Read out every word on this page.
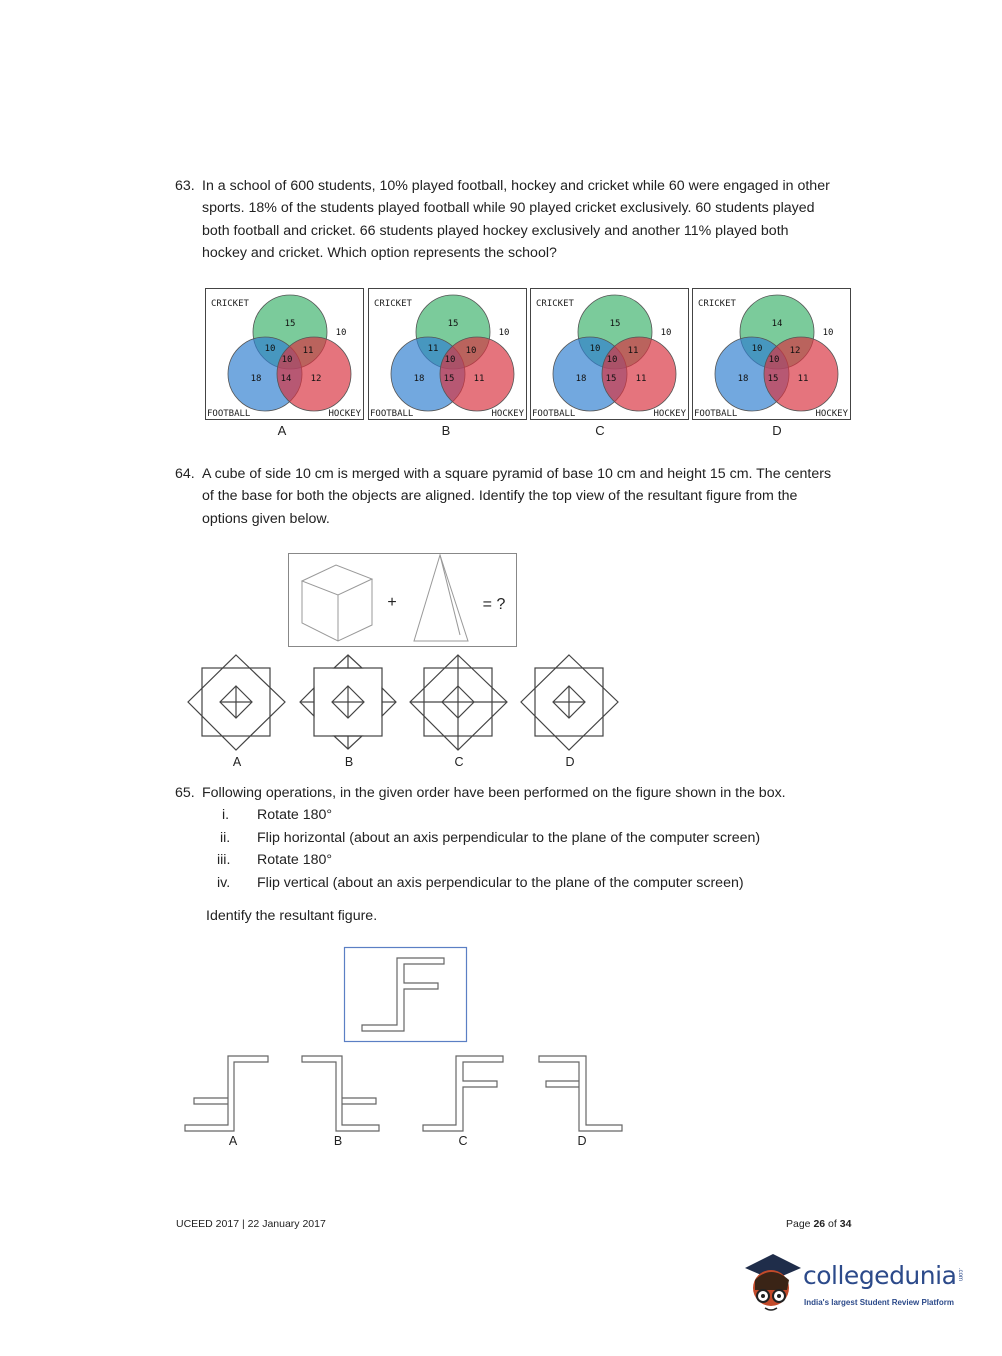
63. In a school of 600 students, 10% played football, hockey and cricket while 60 were engaged in other sports. 18% of the students played football while 90 played cricket exclusively. 60 students played both football and cricket. 66 students played hockey exclusively and another 11% played both hockey and cricket. Which option represents the school?
CRICKET
FOOTBALL	HOCKEY
15
10
10	11
10
18 14 12
CRICKET
FOOTBALL	HOCKEY
15
10
11	10
10
18 15 11
CRICKET
FOOTBALL	HOCKEY
15
10
10	11
10
18 15 11
CRICKET
FOOTBALL	HOCKEY
14
10
10	12
10
18 15 11
A	B	C	D
64. A cube of side 10 cm is merged with a square pyramid of base 10 cm and height 15 cm. The centers of the base for both the objects are aligned. Identify the top view of the resultant figure from the options given below.
+	= ?
A	B	C	D
65. Following operations, in the given order have been performed on the figure shown in the box.
i.	Rotate 180°
ii.	Flip horizontal (about an axis perpendicular to the plane of the computer screen)
iii.	Rotate 180°
iv.	Flip vertical (about an axis perpendicular to the plane of the computer screen)
Identify the resultant figure.
A	B	C	D
UCEED 2017 | 22 January 2017	Page 26 of 34
collegedunia .com
India's largest Student Review Platform
